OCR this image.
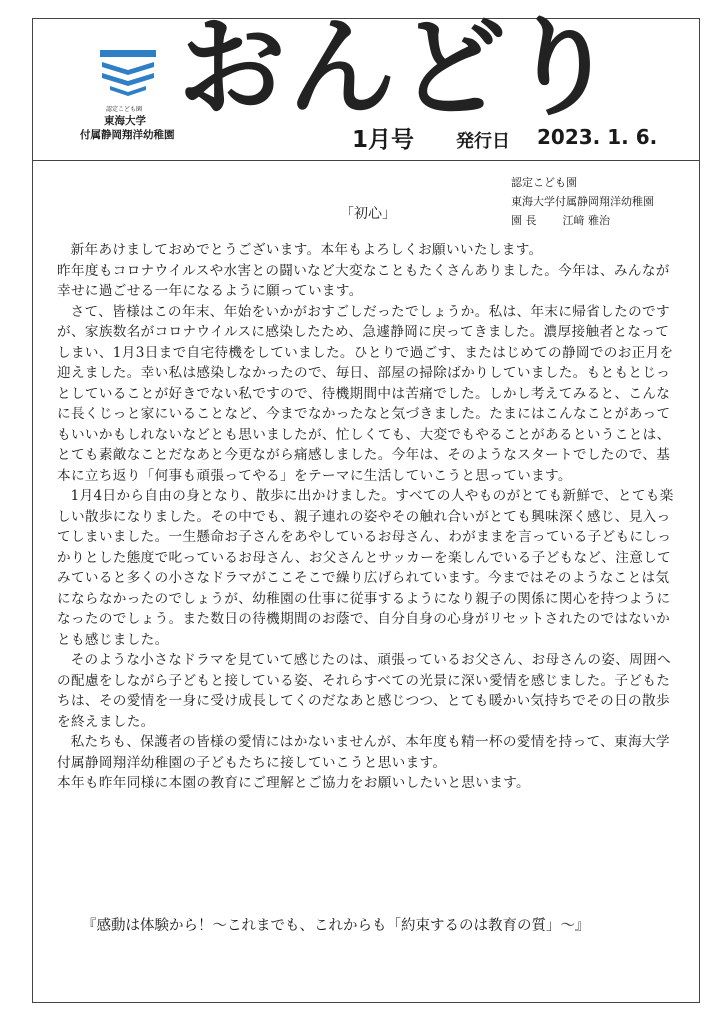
認定こども園
東海大学
付属静岡翔洋幼稚園
おんどり
1月号 発行日 2023. 1. 6.
認定こども園
東海大学付属静岡翔洋幼稚園
園 長 江﨑 雅治
「初心」

新年あけましておめでとうございます。本年もよろしくお願いいたします。

昨年度もコロナウイルスや水害との闘いなど大変なこともたくさんありました。今年は、みんなが幸せに過ごせる一年になるように願っています。

さて、皆様はこの年末、年始をいかがおすごしだったでしょうか。私は、年末に帰省したのですが、家族数名がコロナウイルスに感染したため、急遽静岡に戻ってきました。濃厚接触者となってしまい、1月3日まで自宅待機をしていました。ひとりで過ごす、またはじめての静岡でのお正月を迎えました。幸い私は感染しなかったので、毎日、部屋の掃除ばかりしていました。もともとじっとしていることが好きでない私ですので、待機期間中は苦痛でした。しかし考えてみると、こんなに長くじっと家にいることなど、今までなかったなと気づきました。たまにはこんなことがあってもいいかもしれないなどとも思いましたが、忙しくても、大変でもやることがあるということは、とても素敵なことだなあと今更ながら痛感しました。今年は、そのようなスタートでしたので、基本に立ち返り「何事も頑張ってやる」をテーマに生活していこうと思っています。

1月4日から自由の身となり、散歩に出かけました。すべての人やものがとても新鮮で、とても楽しい散歩になりました。その中でも、親子連れの姿やその触れ合いがとても興味深く感じ、見入ってしまいました。一生懸命お子さんをあやしているお母さん、わがままを言っている子どもにしっかりとした態度で叱っているお母さん、お父さんとサッカーを楽しんでいる子どもなど、注意してみていると多くの小さなドラマがここそこで繰り広げられています。今まではそのようなことは気にならなかったのでしょうが、幼稚園の仕事に従事するようになり親子の関係に関心を持つようになったのでしょう。また数日の待機期間のお蔭で、自分自身の心身がリセットされたのではないかとも感じました。

そのような小さなドラマを見ていて感じたのは、頑張っているお父さん、お母さんの姿、周囲への配慮をしながら子どもと接している姿、それらすべての光景に深い愛情を感じました。子どもたちは、その愛情を一身に受け成長してくのだなあと感じつつ、とても暖かい気持ちでその日の散歩を終えました。

私たちも、保護者の皆様の愛情にはかないませんが、本年度も精一杯の愛情を持って、東海大学付属静岡翔洋幼稚園の子どもたちに接していこうと思います。

本年も昨年同様に本園の教育にご理解とご協力をお願いしたいと思います。

『感動は体験から！～これまでも、これからも「約束するのは教育の質」～』
